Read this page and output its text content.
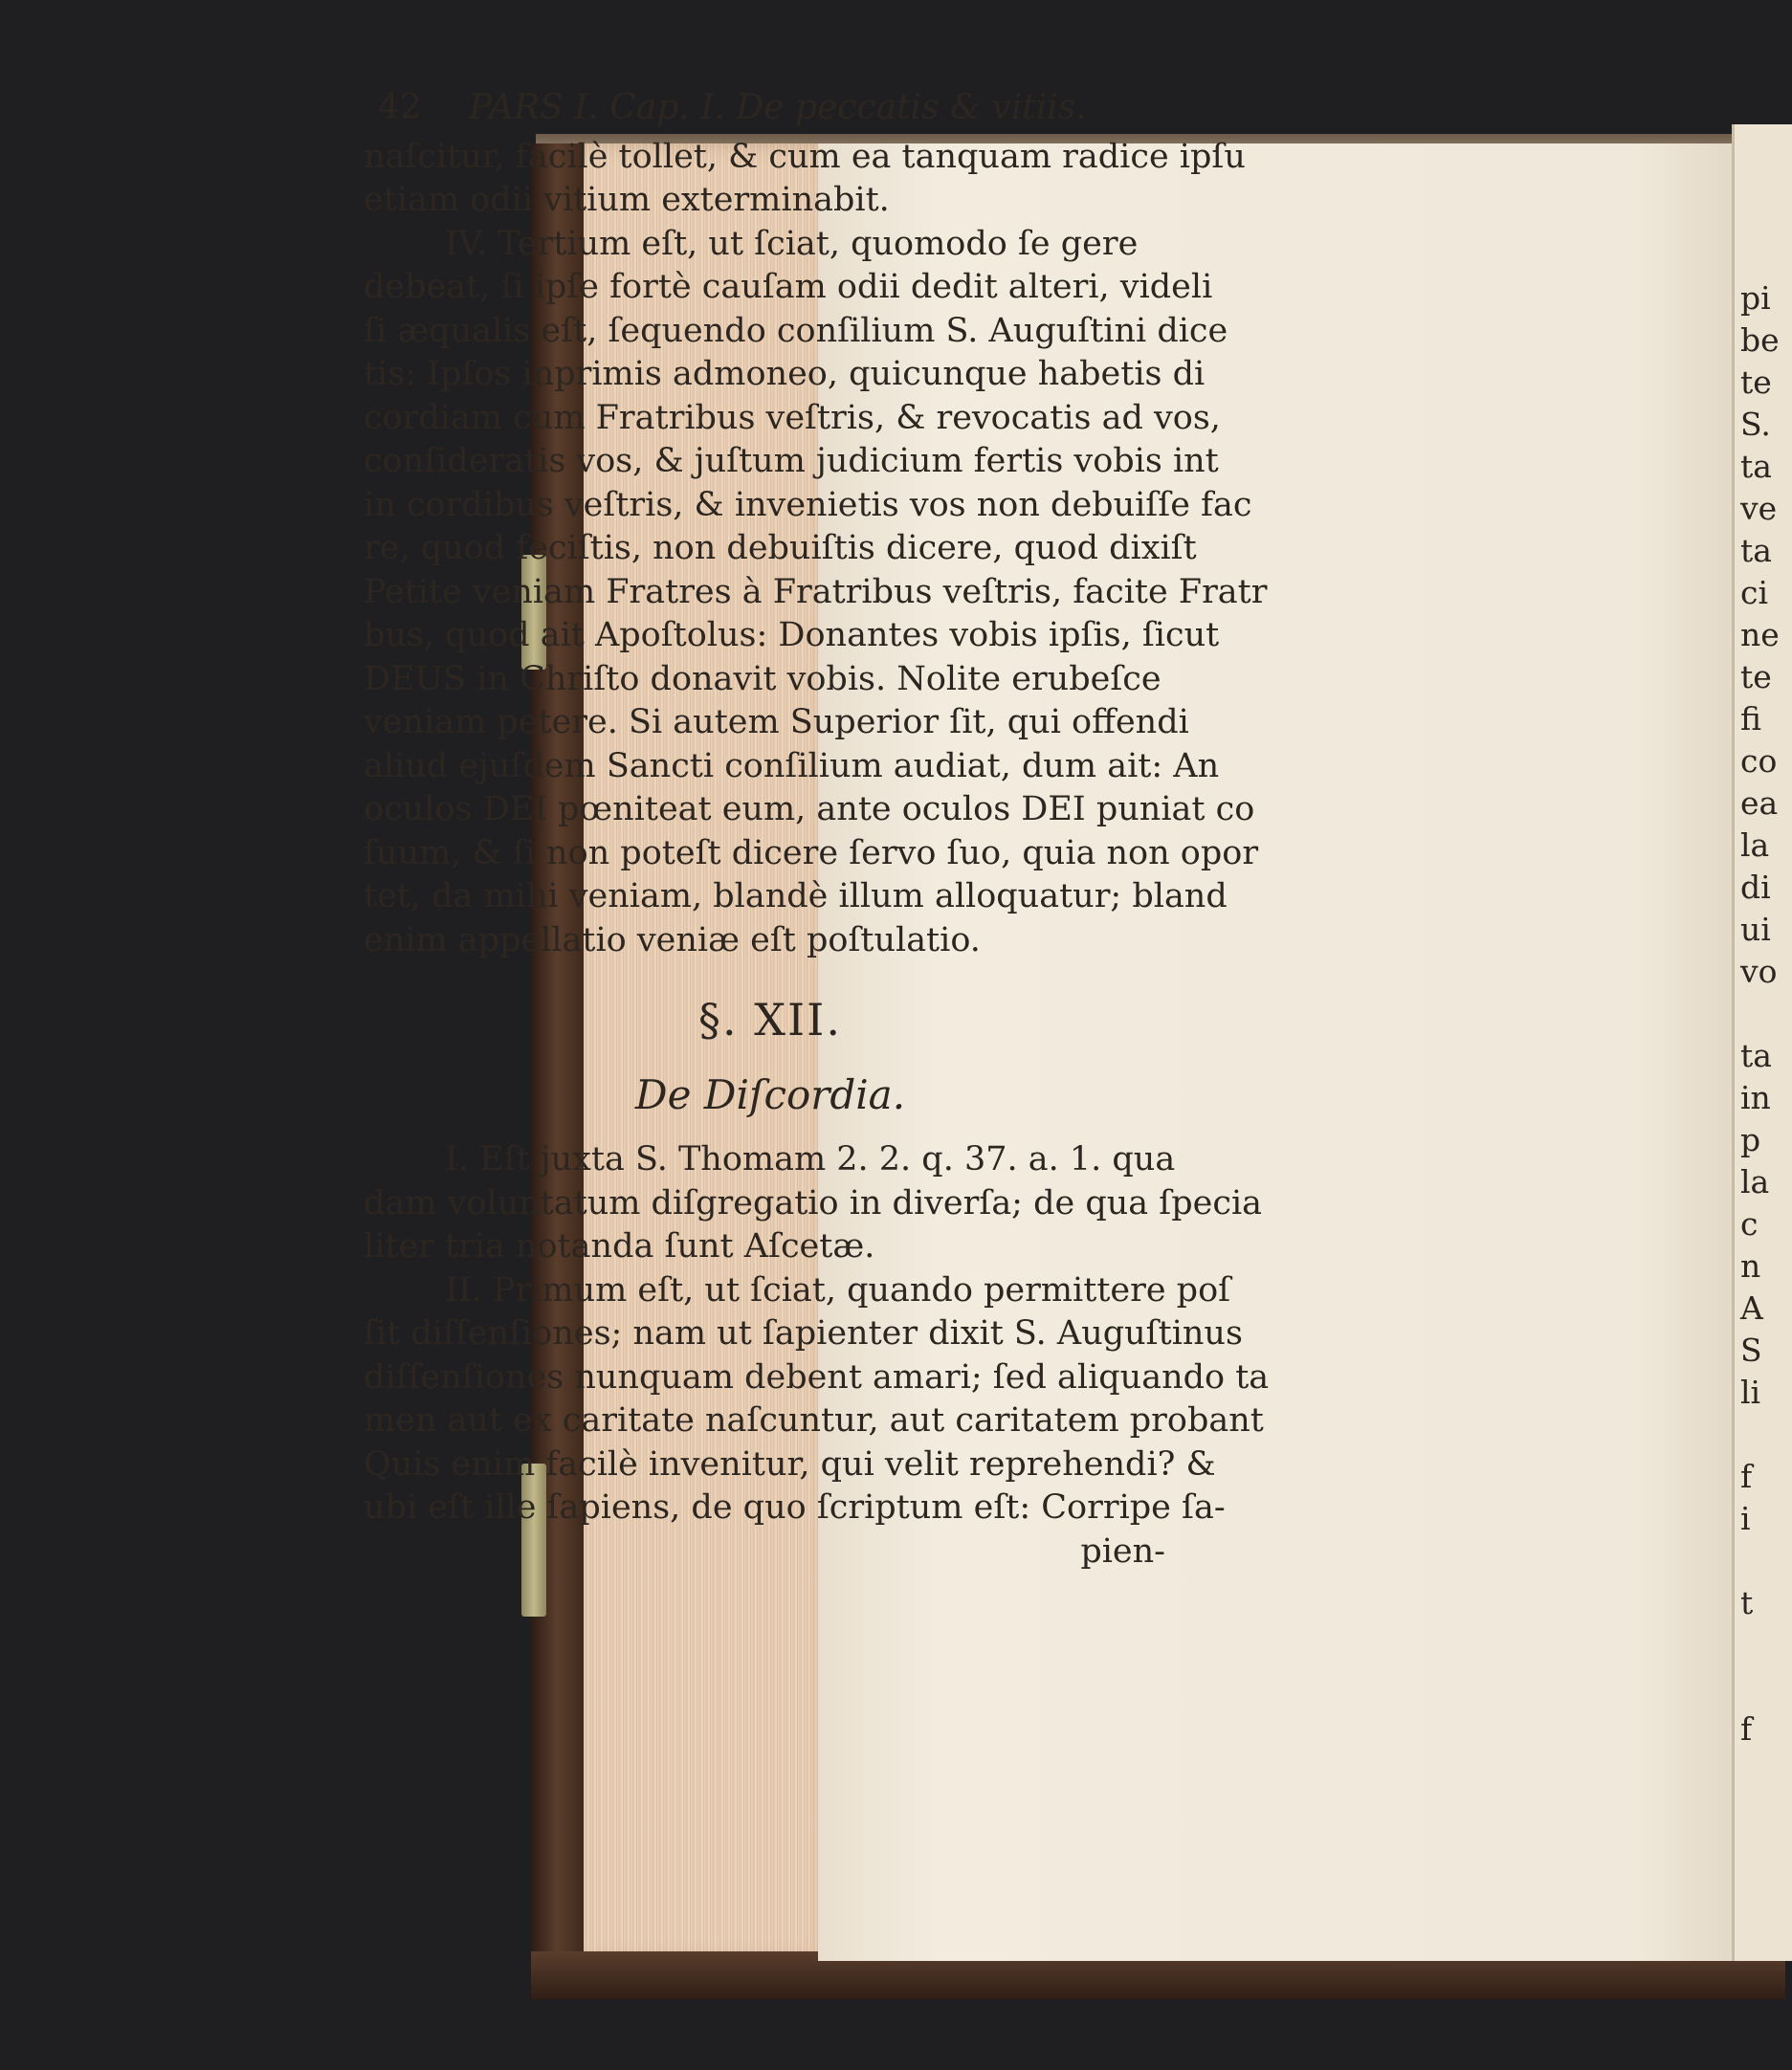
pi
be
te
S.
ta
ve
ta
ci
ne
te
fi
co
ea
la
di
ui
vo
ta
in
p
la
c
n
A
S
li
f
i
t
f
42	PARS I. Cap. I. De peccatis & vitiis.
naſcitur, facilè tollet, & cum ea tanquam radice ipſu
etiam odii vitium exterminabit.
IV. Tertium eſt, ut ſciat, quomodo ſe gere
debeat, ſi ipſe fortè cauſam odii dedit alteri, videli
ſi æqualis eſt, ſequendo conſilium S. Auguſtini dice
tis: Ipſos inprimis admoneo, quicunque habetis di
cordiam cum Fratribus veſtris, & revocatis ad vos,
conſideratis vos, & juſtum judicium fertis vobis int
in cordibus veſtris, & invenietis vos non debuiſſe fac
re, quod feciſtis, non debuiſtis dicere, quod dixiſt
Petite veniam Fratres à Fratribus veſtris, facite Fratr
bus, quod ait Apoſtolus: Donantes vobis ipſis, ſicut
DEUS in Chriſto donavit vobis. Nolite erubeſce
veniam petere. Si autem Superior ſit, qui offendi
aliud ejuſdem Sancti conſilium audiat, dum ait: An
oculos DEI pœniteat eum, ante oculos DEI puniat co
ſuum, & ſi non poteſt dicere ſervo ſuo, quia non opor
tet, da mihi veniam, blandè illum alloquatur; bland
enim appellatio veniæ eſt poſtulatio.
§. XII.
De Diſcordia.
I. Eſt juxta S. Thomam 2. 2. q. 37. a. 1. qua
dam voluntatum diſgregatio in diverſa; de qua ſpecia
liter tria notanda ſunt Aſcetæ.
II. Primum eſt, ut ſciat, quando permittere poſ
ſit diſſenſiones; nam ut ſapienter dixit S. Auguſtinus
diſſenſiones nunquam debent amari; ſed aliquando ta
men aut ex caritate naſcuntur, aut caritatem probant
Quis enim facilè invenitur, qui velit reprehendi? &
ubi eſt ille ſapiens, de quo ſcriptum eſt: Corripe ſa-
pien-
